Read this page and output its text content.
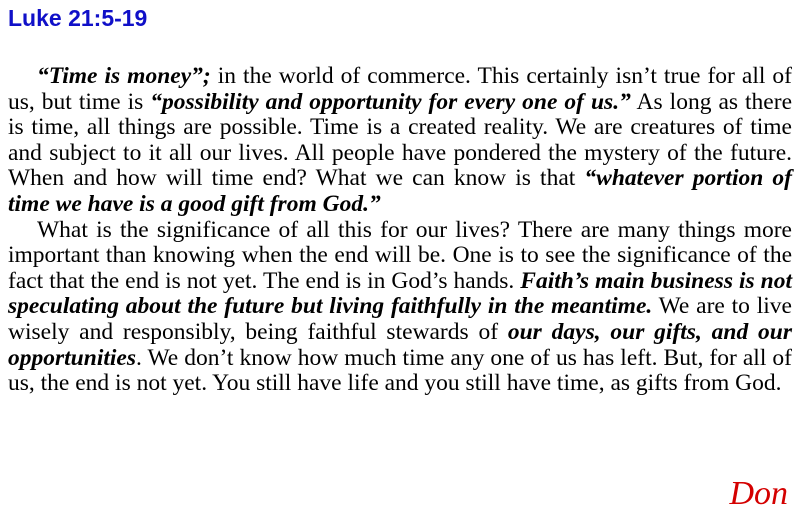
Luke 21:5-19

“Time is money”; in the world of commerce. This certainly isn’t true for all of us, but time is “possibility and opportunity for every one of us.” As long as there is time, all things are possible. Time is a created reality. We are creatures of time and subject to it all our lives. All people have pondered the mystery of the future. When and how will time end? What we can know is that “whatever portion of time we have is a good gift from God.”

What is the significance of all this for our lives? There are many things more important than knowing when the end will be. One is to see the significance of the fact that the end is not yet. The end is in God’s hands. Faith’s main business is not speculating about the future but living faithfully in the meantime. We are to live wisely and responsibly, being faithful stewards of our days, our gifts, and our opportunities. We don’t know how much time any one of us has left. But, for all of us, the end is not yet. You still have life and you still have time, as gifts from God.

Don
